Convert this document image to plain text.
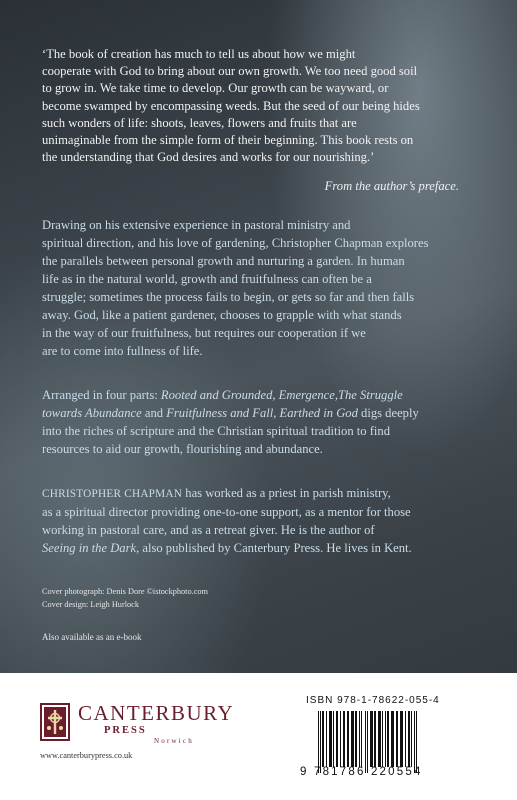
‘The book of creation has much to tell us about how we might
cooperate with God to bring about our own growth. We too need good soil
to grow in. We take time to develop. Our growth can be wayward, or
become swamped by encompassing weeds. But the seed of our being hides
such wonders of life: shoots, leaves, flowers and fruits that are
unimaginable from the simple form of their beginning. This book rests on
the understanding that God desires and works for our nourishing.’
From the author’s preface.
Drawing on his extensive experience in pastoral ministry and
spiritual direction, and his love of gardening, Christopher Chapman explores
the parallels between personal growth and nurturing a garden. In human
life as in the natural world, growth and fruitfulness can often be a
struggle; sometimes the process fails to begin, or gets so far and then falls
away. God, like a patient gardener, chooses to grapple with what stands
in the way of our fruitfulness, but requires our cooperation if we
are to come into fullness of life.
Arranged in four parts: Rooted and Grounded, Emergence,The Struggle
towards Abundance and Fruitfulness and Fall, Earthed in God digs deeply
into the riches of scripture and the Christian spiritual tradition to find
resources to aid our growth, flourishing and abundance.
CHRISTOPHER CHAPMAN has worked as a priest in parish ministry,
as a spiritual director providing one-to-one support, as a mentor for those
working in pastoral care, and as a retreat giver. He is the author of
Seeing in the Dark, also published by Canterbury Press. He lives in Kent.
Cover photograph: Denis Dore ©istockphoto.com
Cover design: Leigh Hurlock
Also available as an e-book
CANTERBURY
PRESS
Norwich
www.canterburypress.co.uk
ISBN 978-1-78622-055-4
9 781786 220554
